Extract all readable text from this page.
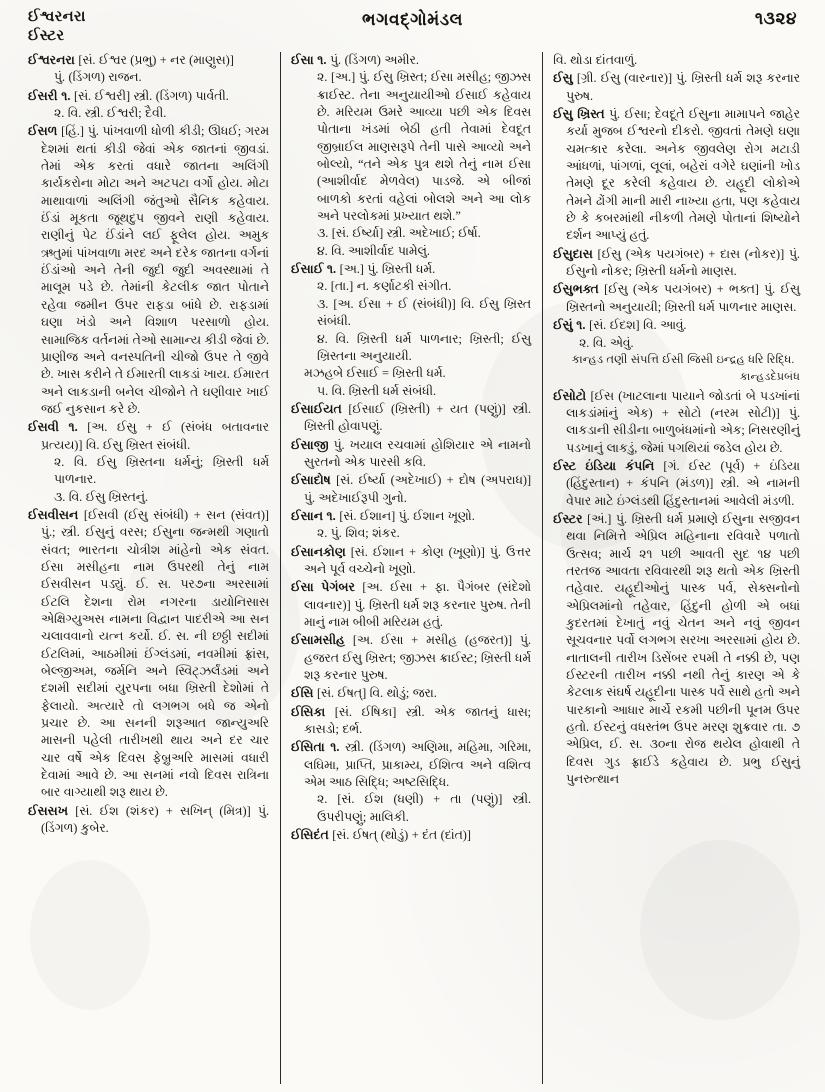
ઈશ્વરનરા
ઈસ્ટર
ભગવદ્ગોમંડલ	૧૩૨૪

ઈશ્વરનરા [સં. ઈશ્વર (પ્રભુ) + નર (માણુસ)]
પું. (ડિંગળ) રાજન.

ઈસરી ૧. [સં. ઈશ્વરી] સ્ત્રી. (ડિંગળ) પાર્વતી.
૨. વિ. સ્ત્રી. ઈશ્વરી; દૈવી.

ઈસળ [હિં.] પું. પાંખવાળી ધોળી કીડી; ઊધઈ; ગરમ દેશમાં થતાં કીડી જેવાં એક જાતનાં જીવડાં. તેમાં એક કરતાં વધારે જાતના અલિંગી કાર્યકરોના મોટા અને અટપટા વર્ગો હોય. મોટા માથાવાળાં અલિંગી જંતુઓ સૈનિક કહેવાય. ઈંડાં મૂકતા જૂથદુપ જીવને રાણી કહેવાય. રાણીનું પેટ ઈંડાંને લઈ ફૂલેલ હોય. અમુક ઋતુમાં પાંખવાળા મરદ અને દરેક જાતના વર્ગનાં ઈંડાંઓ અને તેની જુદી જુદી અવસ્થામાં તે માલૂમ પડે છે. તેમાંની કેટલીક જાત પોતાને રહેવા જમીન ઉપર રાફડા બાંધે છે. રાફડામાં ઘણા ખંડો અને વિશાળ પરસાળો હોય. સામાજિક વર્તનમાં તેઓ સામાન્ય કીડી જેવાં છે. પ્રાણીજ અને વનસ્પતિની ચીજો ઉપર તે જીવે છે. ખાસ કરીને તે ઈમારતી લાકડાં ખાય. ઈમારત અને લાકડાની બનેલ ચીજોને તે ઘણીવાર ખાઈ જઈ નુકસાન કરે છે.

ઈસવી ૧. [અ. ઈસુ + ઈ (સંબંધ બતાવનાર પ્રત્યય)] વિ. ઈસુ ખ્રિસ્ત સંબંધી.
૨. વિ. ઈસુ ખ્રિસ્તના ધર્મનું; ખ્રિસ્તી ધર્મ પાળનાર.
૩. વિ. ઈસુ ખ્રિસ્તનું.

ઈસવીસન [ઈસવી (ઈસુ સંબંધી) + સન (સંવત)] પું.; સ્ત્રી. ઈસુનું વરસ; ઈસુના જન્મથી ગણાતો સંવત; ભારતના ચોત્રીશ માંહેનો એક સંવત. ઈસા મસીહના નામ ઉપરથી તેનું નામ ઈસવીસન પડ્યું. ઈ. સ. પર૭ના અરસામાં ઈટલિ દેશના રોમ નગરના ડાયોનિસાસ એક્ષિગ્યુઅસ નામના વિદ્વાન પાદરીએ આ સન ચલાવવાનો યત્ન કર્યો. ઈ. સ. ની છઠ્ઠી સદીમાં ઈટલિમાં, આઠમીમાં ઈંગ્લંડમાં, નવમીમાં ફ્રાંસ, બેલ્જીઅમ, જર્મનિ અને સ્વિટ્ઝર્લંડમાં અને દશમી સદીમાં યુરપના બધા ખ્રિસ્તી દેશોમાં તે ફેલાયો. અત્યારે તો લગભગ બધે જ એનો પ્રચાર છે. આ સનની શરૂઆત જાન્યુઅરિ માસની પહેલી તારીખથી થાય અને દર ચાર ચાર વર્ષે એક દિવસ ફેબ્રુઅરિ માસમાં વધારી દેવામાં આવે છે. આ સનમાં નવો દિવસ રાત્રિના બાર વાગ્યાથી શરૂ થાય છે.

ઈસસખ [સં. ઈશ (શંકર) + સખિન્ (મિત્ર)] પું. (ડિંગળ) કુબેર.

ઈસા ૧. પું. (ડિંગળ) અમીર.
૨. [અ.] પું. ઈસુ ખ્રિસ્ત; ઈસા મસીહ; જીઝસ ક્રાઈસ્ટ. તેના અનુયાયીઓ ઈસાઈ કહેવાય છે. મરિયમ ઉમરે આવ્યા પછી એક દિવસ પોતાના ખંડમાં બેઠી હતી તેવામાં દેવદૂત જીબ્રાઈલ માણસરૂપે તેની પાસે આવ્યો અને બોલ્યો, “તને એક પુત્ર થશે તેનું નામ ઈસા (આશીર્વાદ મેળવેલ) પાડજે. એ બીજાં બાળકો કરતાં વહેલાં બોલશે અને આ લોક અને પરલોકમાં પ્રખ્યાત થશે.”
૩. [સં. ઈર્ષ્યા] સ્ત્રી. અદેખાઈ; ઈર્ષા.
૪. વિ. આશીર્વાદ પામેલું.

ઈસાઈ ૧. [અ.] પું. ખ્રિસ્તી ધર્મ.
૨. [તા.] ન. કર્ણાટકી સંગીત.
૩. [અ. ઈસા + ઈ (સંબંધી)] વિ. ઈસુ ખ્રિસ્ત સંબંધી.
૪. વિ. ખ્રિસ્તી ધર્મ પાળનાર; ખ્રિસ્તી; ઈસુ ખ્રિસ્તના અનુયાયી.
મઝહબે ઈસાઈ = ખ્રિસ્તી ધર્મ.
૫. વિ. ખ્રિસ્તી ધર્મ સંબંધી.

ઈસાઈયત [ઈસાઈ (ખ્રિસ્તી) + યત (પણું)] સ્ત્રી. ખ્રિસ્તી હોવાપણું.

ઈસાજી પું. ખયાલ રચવામાં હોશિયાર એ નામનો સુરતનો એક પારસી કવિ.

ઈસાદોષ [સં. ઈર્ષ્યા (અદેખાઈ) + દોષ (અપરાધ)] પું. અદેખાઈરૂપી ગુનો.

ઈસાન ૧. [સં. ઈશાન] પું. ઈશાન ખૂણો.
૨. પું. શિવ; શંકર.

ઈસાનકોણ [સં. ઈશાન + કોણ (ખૂણો)] પું. ઉત્તર અને પૂર્વ વચ્ચેનો ખૂણો.

ઈસા પેગંબર [અ. ઈસા + ફા. પૈગંબર (સંદેશો લાવનાર)] પું. ખ્રિસ્તી ધર્મ શરૂ કરનાર પુરુષ. તેની માનું નામ બીબી મરિયમ હતું.

ઈસામસીહ [અ. ઈસા + મસીહ (હજરત)] પું. હજરત ઈસુ ખ્રિસ્ત; જીઝસ ક્રાઈસ્ટ; ખ્રિસ્તી ધર્મ શરૂ કરનાર પુરુષ.

ઈસિ [સં. ઈષત્] વિ. થોડું; જરા.

ઈસિકા [સં. ઈષિકા] સ્ત્રી. એક જાતનું ધાસ; કાસડો; દર્ભ.

ઈસિતા ૧. સ્ત્રી. (ડિંગળ) અણિમા, મહિમા, ગરિમા, લઘિમા, પ્રાપ્તિ, પ્રાકામ્ય, ઈશિત્વ અને વશિત્વ એમ આઠ સિદ્ધિ; અષ્ટસિદ્ધિ.
૨. [સં. ઈશ (ધણી) + તા (પણું)] સ્ત્રી. ઉપરીપણું; માલિકી.

ઈસિદંત [સં. ઈષત્ (થોડું) + દંત (દાંત)]

વિ. થોડા દાંતવાળું.

ઈસુ [ગ્રી. ઈસુ (વારનાર)] પું. ખ્રિસ્તી ધર્મ શરૂ કરનાર પુરુષ.

ઈસુ ખ્રિસ્ત પું. ઈસા; દેવદૂતે ઈસુના મામાપને જાહેર કર્યા મુજબ ઈશ્વરનો દીકરો. જીવતાં તેમણે ઘણા ચમત્કાર કરેલા. અનેક જીવલેણ રોગ મટાડી આંધળાં, પાંગળાં, લૂલાં, બહેરાં વગેરે ઘણાંની ખોડ તેમણે દૂર કરેલી કહેવાય છે. યહૂદી લોકોએ તેમને ઢોંગી માની મારી નાખ્યા હતા, પણ કહેવાય છે કે કબરમાંથી નીકળી તેમણે પોતાનાં શિષ્યોને દર્શન આપ્યું હતું.

ઈસુદાસ [ઈસુ (એક પયગંબર) + દાસ (નોકર)] પું. ઈસુનો નોકર; ખ્રિસ્તી ધર્મનો માણસ.

ઈસુભક્ત [ઈસુ (એક પયગંબર) + ભક્ત] પું. ઈસુ ખ્રિસ્તનો અનુયાયી; ખ્રિસ્તી ધર્મ પાળનાર માણસ.

ઈસું ૧. [સં. ઈદશ] વિ. આવું.
૨. વિ. એવું.
કાન્હડ તણી સંપત્તિ ઈસી જિસી ઇન્દ્રહ ધરિ રિદ્ધિ.
કાન્હડદેપ્રબંધ

ઈસોટો [ઈસ (ખાટલાના પાયાને જોડતાં બે પડખાંનાં લાકડાંમાંનું એક) + સોટો (નરમ સોટી)] પું. લાકડાની સીડીના બાળુબંધમાંનો એક; નિસરણીનું પડખાનું લાકડું, જેમાં પગથિયાં જડેલ હોય છે.

ઈસ્ટ ઇંડિયા કંપનિ [ગં. ઈસ્ટ (પૂર્વ) + ઇંડિયા (હિંદુસ્તાન) + કંપનિ (મંડળ)] સ્ત્રી. એ નામની વેપાર માટે ઇંગ્લંડથી હિંદુસ્તાનમાં આવેલી મંડળી.

ઈસ્ટર [અં.] પું. ખ્રિસ્તી ધર્મ પ્રમાણે ઈસુના સજીવન થવા નિમિત્તે એપ્રિલ મહિનાના રવિવારે પળાતો ઉત્સવ; માર્ચ ૨૧ પછી આવતી સુદ ૧૪ પછી તરતજ આવતા રવિવારથી શરૂ થતો એક ખ્રિસ્તી તહેવાર. યહૂદીઓનું પાસ્ક પર્વ, સેક્સનોનો એપ્રિલમાંનો તહેવાર, હિંદુની હોળી એ બધાં કુદરતમાં દેખાતું નવું ચેતન અને નવું જીવન સૂચવનાર પર્વો લગભગ સરખા અરસામાં હોય છે. નાતાલની તારીખ ડિસેંબર રપમી તે નક્કી છે, પણ ઈસ્ટરની તારીખ નક્કી નથી તેનું કારણ એ કે કેટલાક સંઘર્ષ યહૂદીના પાસ્ક પર્વે સાથે હતો અને પારકાનો આધાર માર્ચે રકમી પછીની પૂનમ ઉપર હતો. ઈસ્ટનું વધસ્તંભ ઉપર મરણ શુક્રવાર તા. ૭ એપ્રિલ, ઈ. સ. ૩૦ના રોજ થયેલ હોવાથી તે દિવસ ગુડ ફ્રાઈડે કહેવાય છે. પ્રભુ ઈસુનું પુનરુત્થાન
